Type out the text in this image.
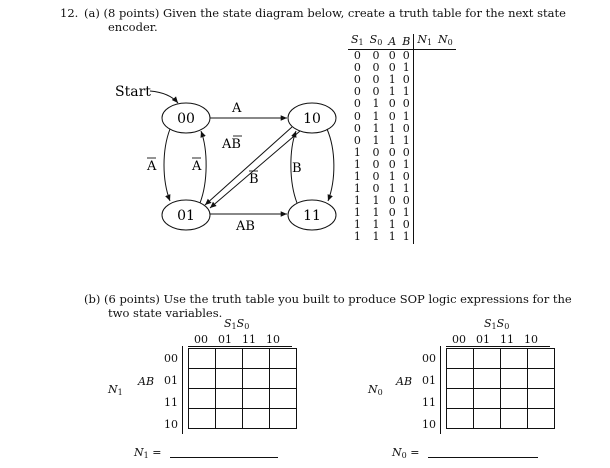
12. (a) (8 points) Given the state diagram below, create a truth table for the next state
encoder.
00	10
01	11
Start
A
AB
B
B
A	A
AB
$S_1$	$S_0$	A	B	$N_1$	$N_0$
0	0	0	0		
0	0	0	1		
0	0	1	0		
0	0	1	1		
0	1	0	0		
0	1	0	1		
0	1	1	0		
0	1	1	1		
1	0	0	0		
1	0	0	1		
1	0	1	0		
1	0	1	1		
1	1	0	0		
1	1	0	1		
1	1	1	0		
1	1	1	1		
(b) (6 points) Use the truth table you built to produce SOP logic expressions for the
two state variables.
$S_1S_0$
00 01 11 10
00
01
11
10
AB
$N_1$

$N_1$ =
$S_1S_0$
00 01 11 10
00
01
11
10
AB
$N_0$

$N_0$ =
